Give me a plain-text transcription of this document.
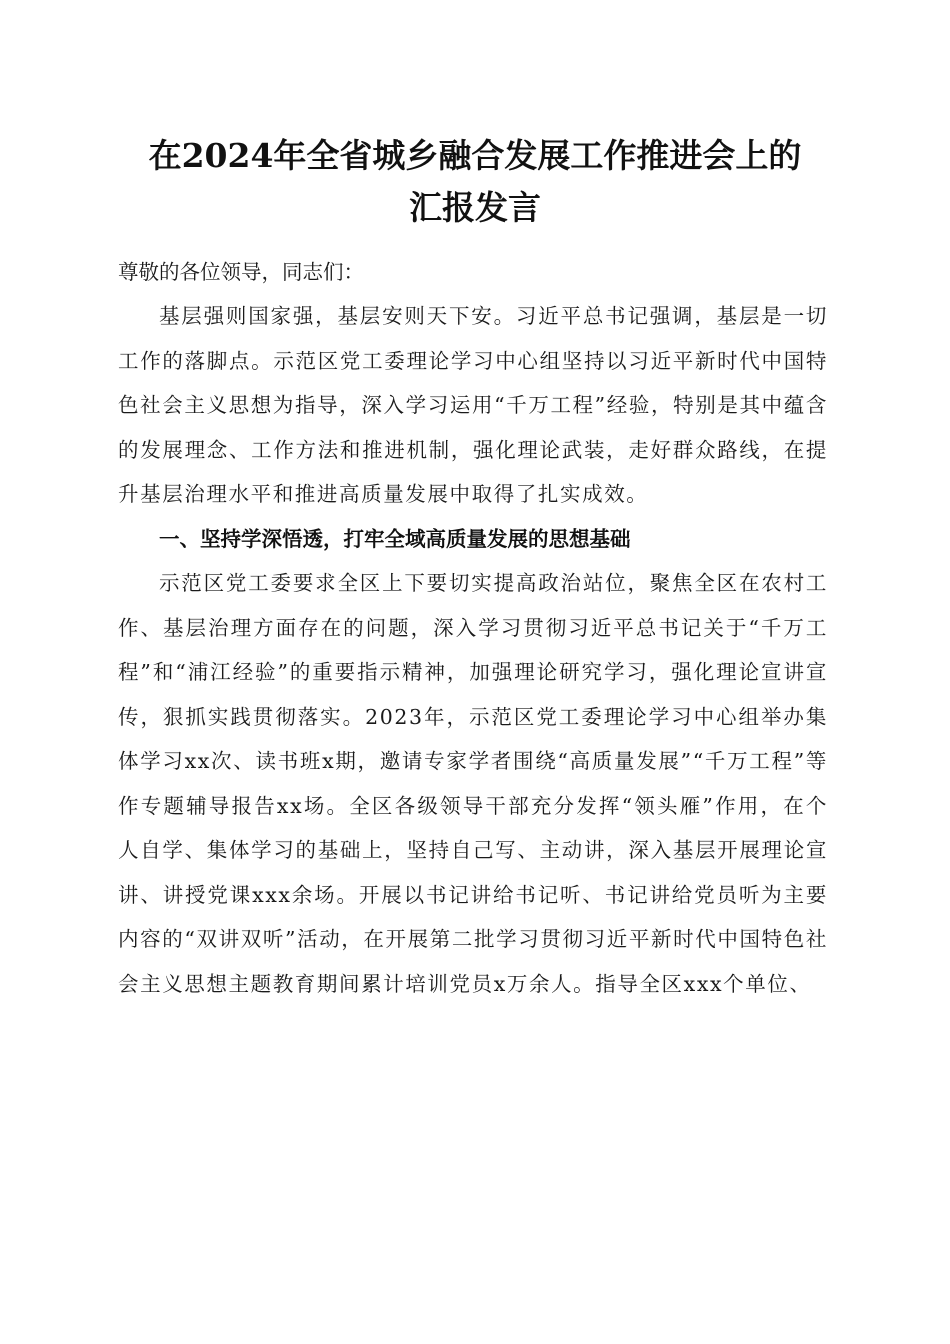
在2024年全省城乡融合发展工作推进会上的
汇报发言

尊敬的各位领导，同志们：

基层强则国家强，基层安则天下安。习近平总书记强调，基层是一切工作的落脚点。示范区党工委理论学习中心组坚持以习近平新时代中国特色社会主义思想为指导，深入学习运用“千万工程”经验，特别是其中蕴含的发展理念、工作方法和推进机制，强化理论武装，走好群众路线，在提升基层治理水平和推进高质量发展中取得了扎实成效。

一、坚持学深悟透，打牢全域高质量发展的思想基础

示范区党工委要求全区上下要切实提高政治站位，聚焦全区在农村工作、基层治理方面存在的问题，深入学习贯彻习近平总书记关于“千万工程”和“浦江经验”的重要指示精神，加强理论研究学习，强化理论宣讲宣传，狠抓实践贯彻落实。2023年，示范区党工委理论学习中心组举办集体学习xx次、读书班x期，邀请专家学者围绕“高质量发展”“千万工程”等作专题辅导报告xx场。全区各级领导干部充分发挥“领头雁”作用，在个人自学、集体学习的基础上，坚持自己写、主动讲，深入基层开展理论宣讲、讲授党课xxx余场。开展以书记讲给书记听、书记讲给党员听为主要内容的“双讲双听”活动，在开展第二批学习贯彻习近平新时代中国特色社会主义思想主题教育期间累计培训党员x万余人。指导全区xxx个单位、
